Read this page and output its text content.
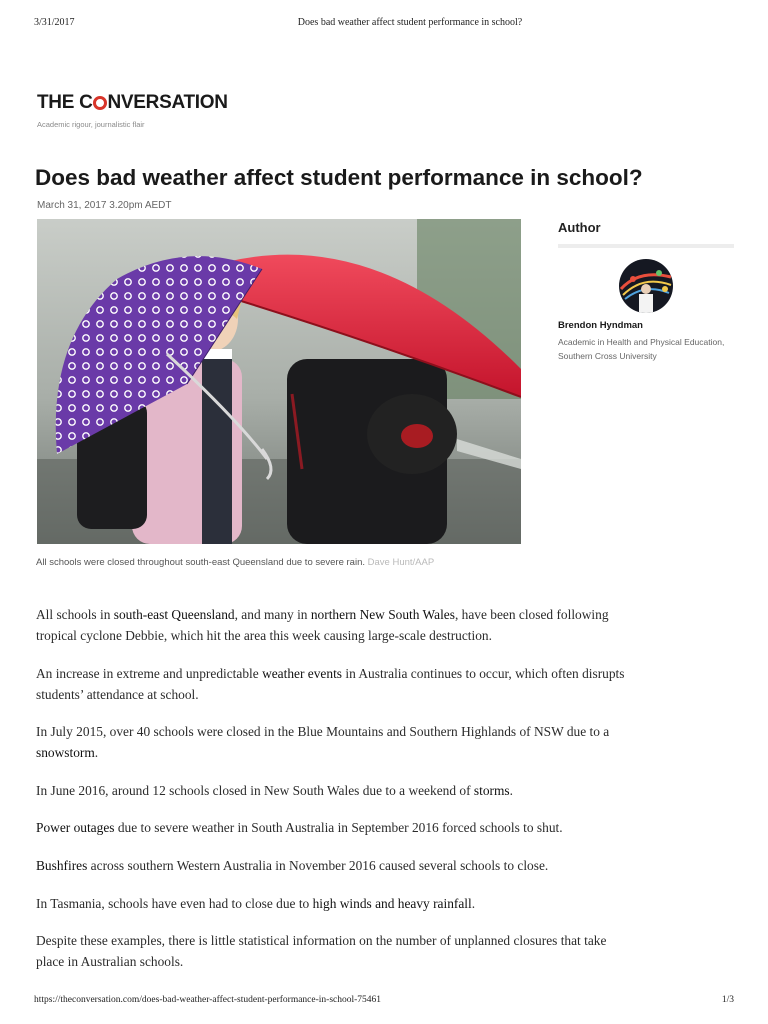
3/31/2017	Does bad weather affect student performance in school?
THE C NVERSATION
Academic rigour, journalistic flair
Does bad weather affect student performance in school?
March 31, 2017 3.20pm AEDT
All schools were closed throughout south-east Queensland due to severe rain. Dave Hunt/AAP
Author
Brendon Hyndman
Academic in Health and Physical Education, Southern Cross University

All schools in south-east Queensland, and many in northern New South Wales, have been closed following tropical cyclone Debbie, which hit the area this week causing large-scale destruction.

An increase in extreme and unpredictable weather events in Australia continues to occur, which often disrupts students’ attendance at school.

In July 2015, over 40 schools were closed in the Blue Mountains and Southern Highlands of NSW due to a snowstorm.

In June 2016, around 12 schools closed in New South Wales due to a weekend of storms.

Power outages due to severe weather in South Australia in September 2016 forced schools to shut.

Bushfires across southern Western Australia in November 2016 caused several schools to close.

In Tasmania, schools have even had to close due to high winds and heavy rainfall.

Despite these examples, there is little statistical information on the number of unplanned closures that take place in Australian schools.

https://theconversation.com/does-bad-weather-affect-student-performance-in-school-75461	1/3
